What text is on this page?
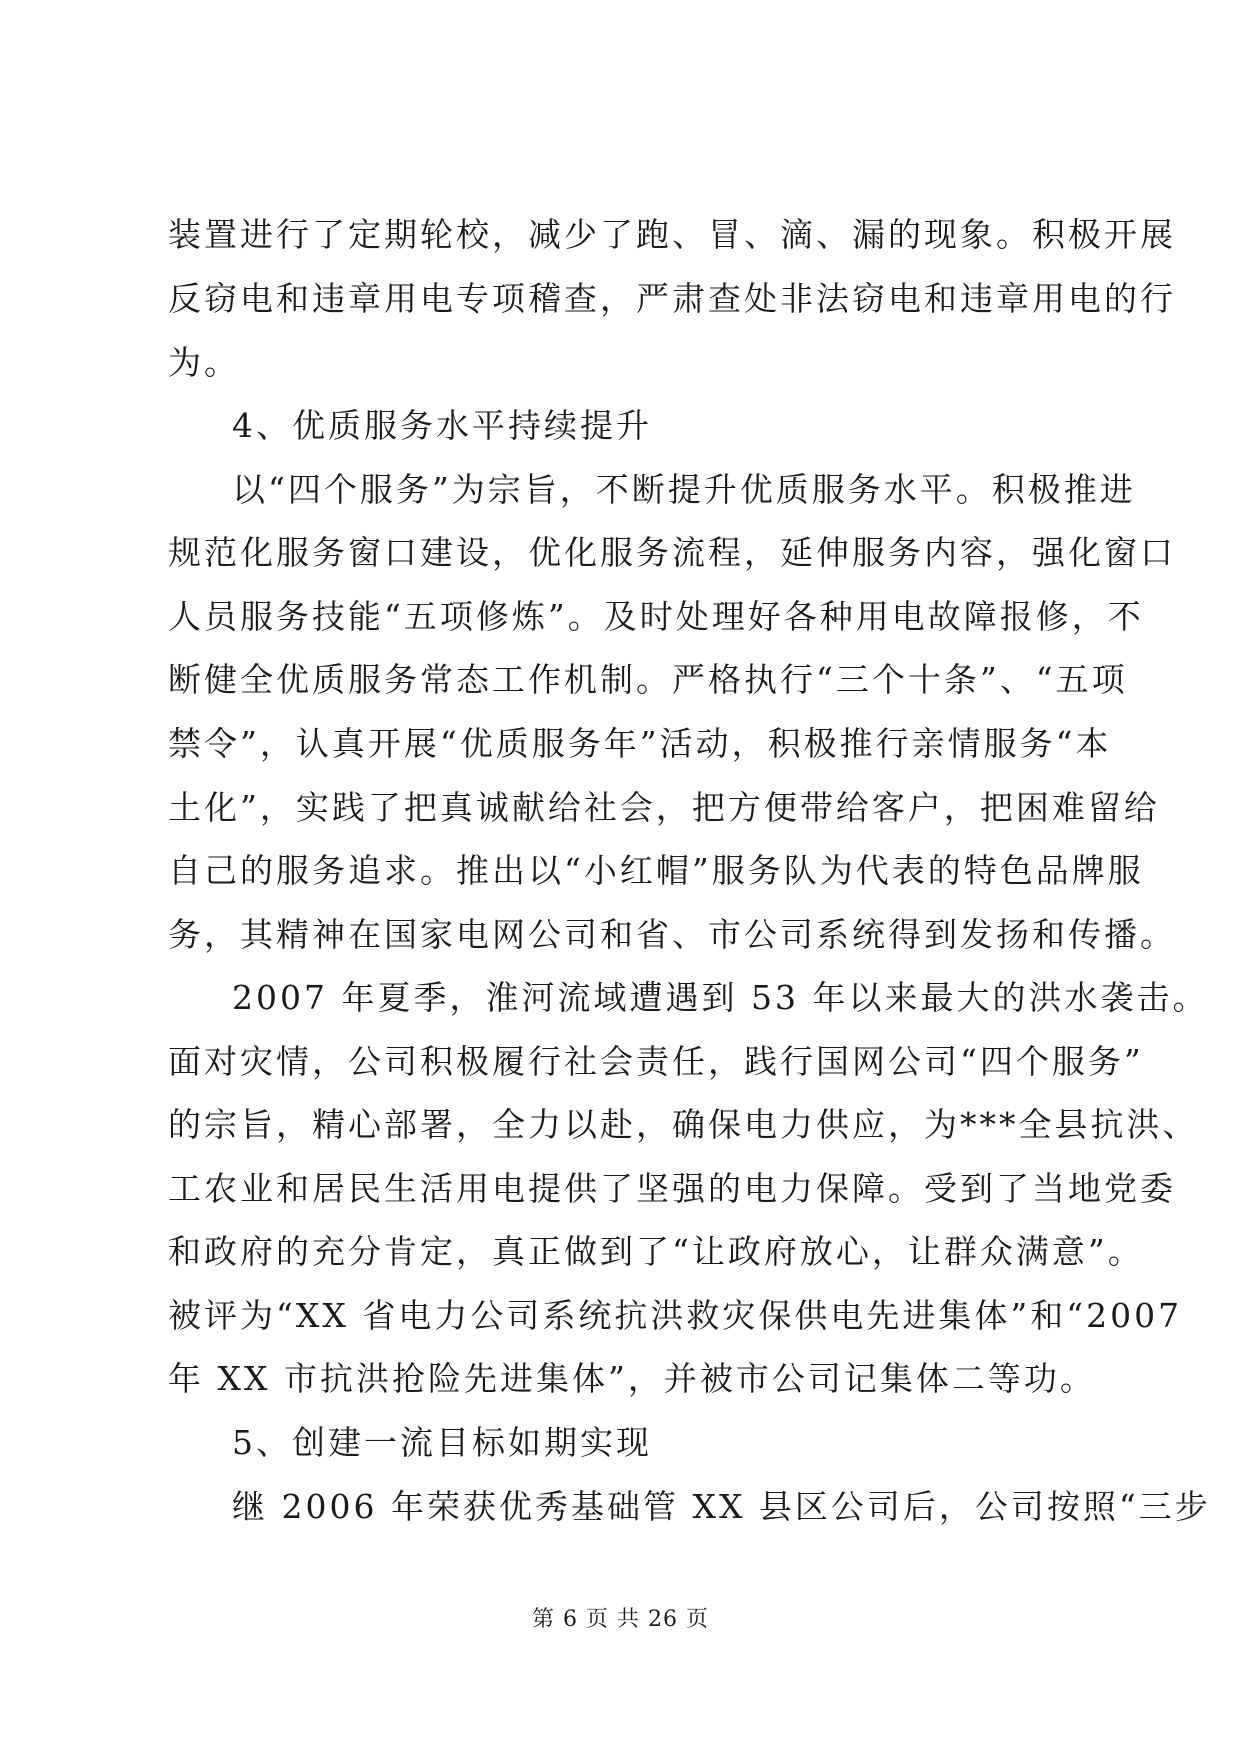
装置进行了定期轮校，减少了跑、冒、滴、漏的现象。积极开展
反窃电和违章用电专项稽查，严肃查处非法窃电和违章用电的行
为。
4、优质服务水平持续提升
以“四个服务”为宗旨，不断提升优质服务水平。积极推进
规范化服务窗口建设，优化服务流程，延伸服务内容，强化窗口
人员服务技能“五项修炼”。及时处理好各种用电故障报修，不
断健全优质服务常态工作机制。严格执行“三个十条”、“五项
禁令”，认真开展“优质服务年”活动，积极推行亲情服务“本
土化”，实践了把真诚献给社会，把方便带给客户，把困难留给
自己的服务追求。推出以“小红帽”服务队为代表的特色品牌服
务，其精神在国家电网公司和省、市公司系统得到发扬和传播。
2007 年夏季，淮河流域遭遇到 53 年以来最大的洪水袭击。
面对灾情，公司积极履行社会责任，践行国网公司“四个服务”
的宗旨，精心部署，全力以赴，确保电力供应，为***全县抗洪、
工农业和居民生活用电提供了坚强的电力保障。受到了当地党委
和政府的充分肯定，真正做到了“让政府放心，让群众满意”。
被评为“XX 省电力公司系统抗洪救灾保供电先进集体”和“2007
年 XX 市抗洪抢险先进集体”，并被市公司记集体二等功。
5、创建一流目标如期实现
继 2006 年荣获优秀基础管 XX 县区公司后，公司按照“三步
第 6 页 共 26 页
